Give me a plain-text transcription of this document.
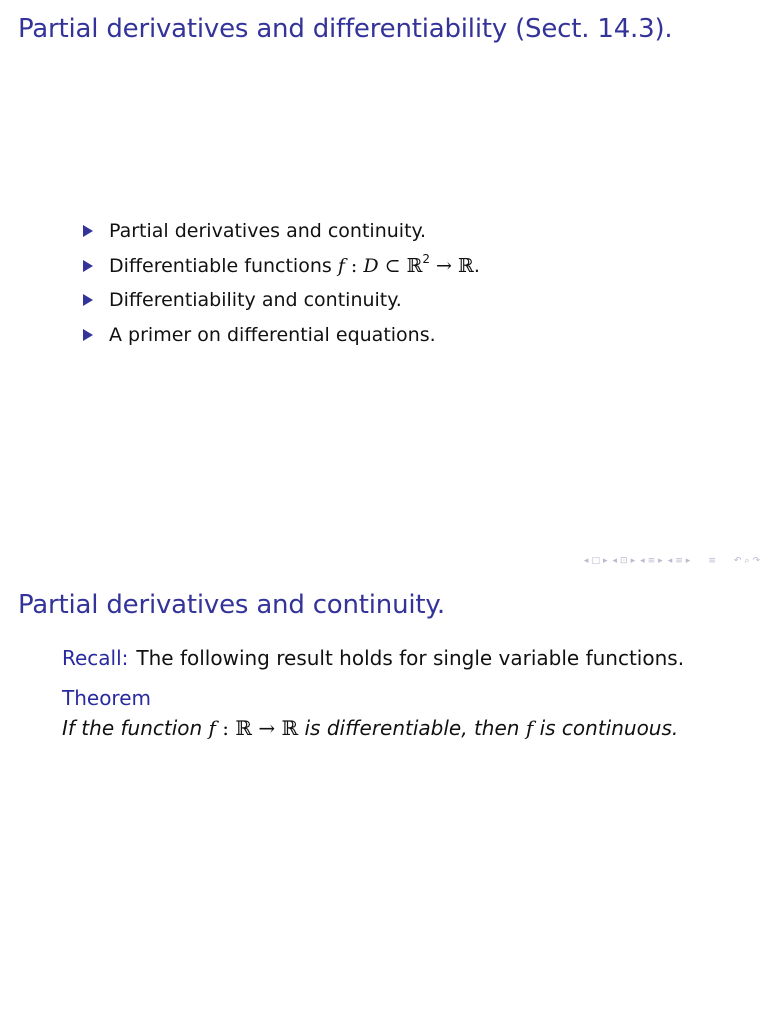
Partial derivatives and differentiability (Sect. 14.3).
Partial derivatives and continuity.
Differentiable functions f : D ⊂ ℝ$^2$ → ℝ.
Differentiability and continuity.
A primer on differential equations.
◂ □ ▸ ◂ ⊡ ▸ ◂ ≡ ▸ ◂ ≡ ▸ ≡ ↶ ⌕ ↷
Partial derivatives and continuity.
Recall: The following result holds for single variable functions.
Theorem
If the function f : ℝ → ℝ is differentiable, then f is continuous.
